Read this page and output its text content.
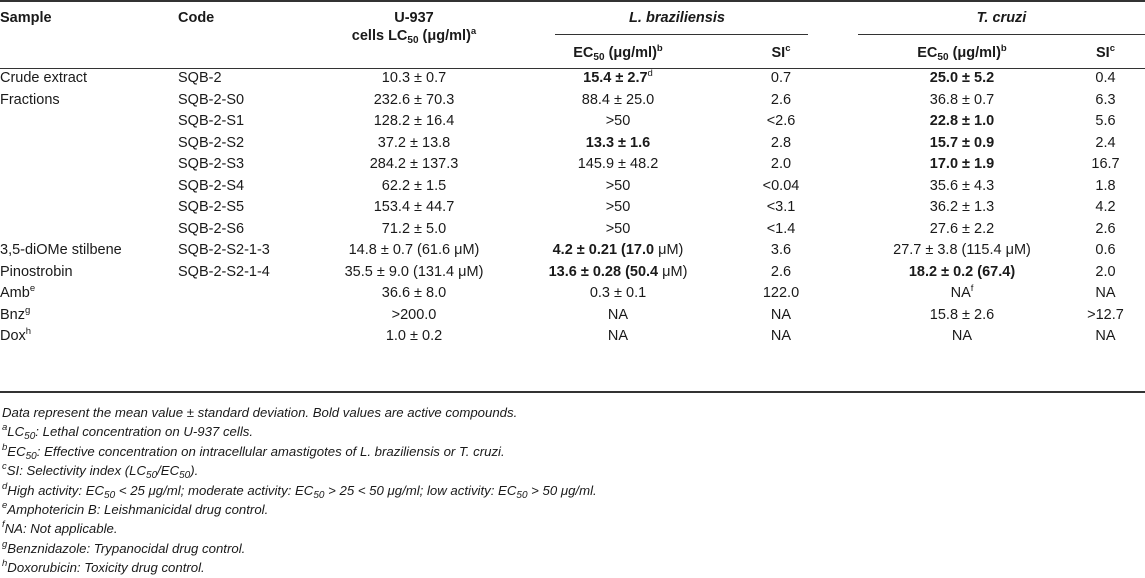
Sample	Code	U-937
cells $LC_{50}$ $(\mu g/ml)^a$	L. braziliensis			T. cruzi	
			$EC_{50}$ $(\mu g/ml)^b$	$SI^c$		$EC_{50}$ $(\mu g/ml)^b$	$SI^c$
Crude extract	SQB-2	10.3 ± 0.7	15.4 ± 2.7$^d$	0.7		25.0 ± 5.2	0.4
Fractions	SQB-2-S0	232.6 ± 70.3	88.4 ± 25.0	2.6		36.8 ± 0.7	6.3
	SQB-2-S1	128.2 ± 16.4	>50	<2.6		22.8 ± 1.0	5.6
	SQB-2-S2	37.2 ± 13.8	13.3 ± 1.6	2.8		15.7 ± 0.9	2.4
	SQB-2-S3	284.2 ± 137.3	145.9 ± 48.2	2.0		17.0 ± 1.9	16.7
	SQB-2-S4	62.2 ± 1.5	>50	<0.04		35.6 ± 4.3	1.8
	SQB-2-S5	153.4 ± 44.7	>50	<3.1		36.2 ± 1.3	4.2
	SQB-2-S6	71.2 ± 5.0	>50	<1.4		27.6 ± 2.2	2.6
3,5-diOMe stilbene	SQB-2-S2-1-3	14.8 ± 0.7 (61.6 μM)	4.2 ± 0.21 (17.0 μM)	3.6		27.7 ± 3.8 (115.4 μM)	0.6
Pinostrobin	SQB-2-S2-1-4	35.5 ± 9.0 (131.4 μM)	13.6 ± 0.28 (50.4 μM)	2.6		18.2 ± 0.2 (67.4)	2.0
Amb$^e$		36.6 ± 8.0	0.3 ± 0.1	122.0		$NA^f$	NA
Bnz$^g$		>200.0	NA	NA		15.8 ± 2.6	>12.7
Dox$^h$		1.0 ± 0.2	NA	NA		NA	NA
Data represent the mean value ± standard deviation. Bold values are active compounds.
$^aLC_{50}$: Lethal concentration on U-937 cells.
$^bEC_{50}$: Effective concentration on intracellular amastigotes of L. braziliensis or T. cruzi.
$^c$SI: Selectivity index $(LC_{50}/EC_{50})$.
$^d$High activity: $EC_{50} < 25$ μg/ml; moderate activity: $EC_{50} > 25 < 50$ μg/ml; low activity: $EC_{50} > 50$ μg/ml.
$^e$Amphotericin B: Leishmanicidal drug control.
$^f$NA: Not applicable.
$^g$Benznidazole: Trypanocidal drug control.
$^h$Doxorubicin: Toxicity drug control.
